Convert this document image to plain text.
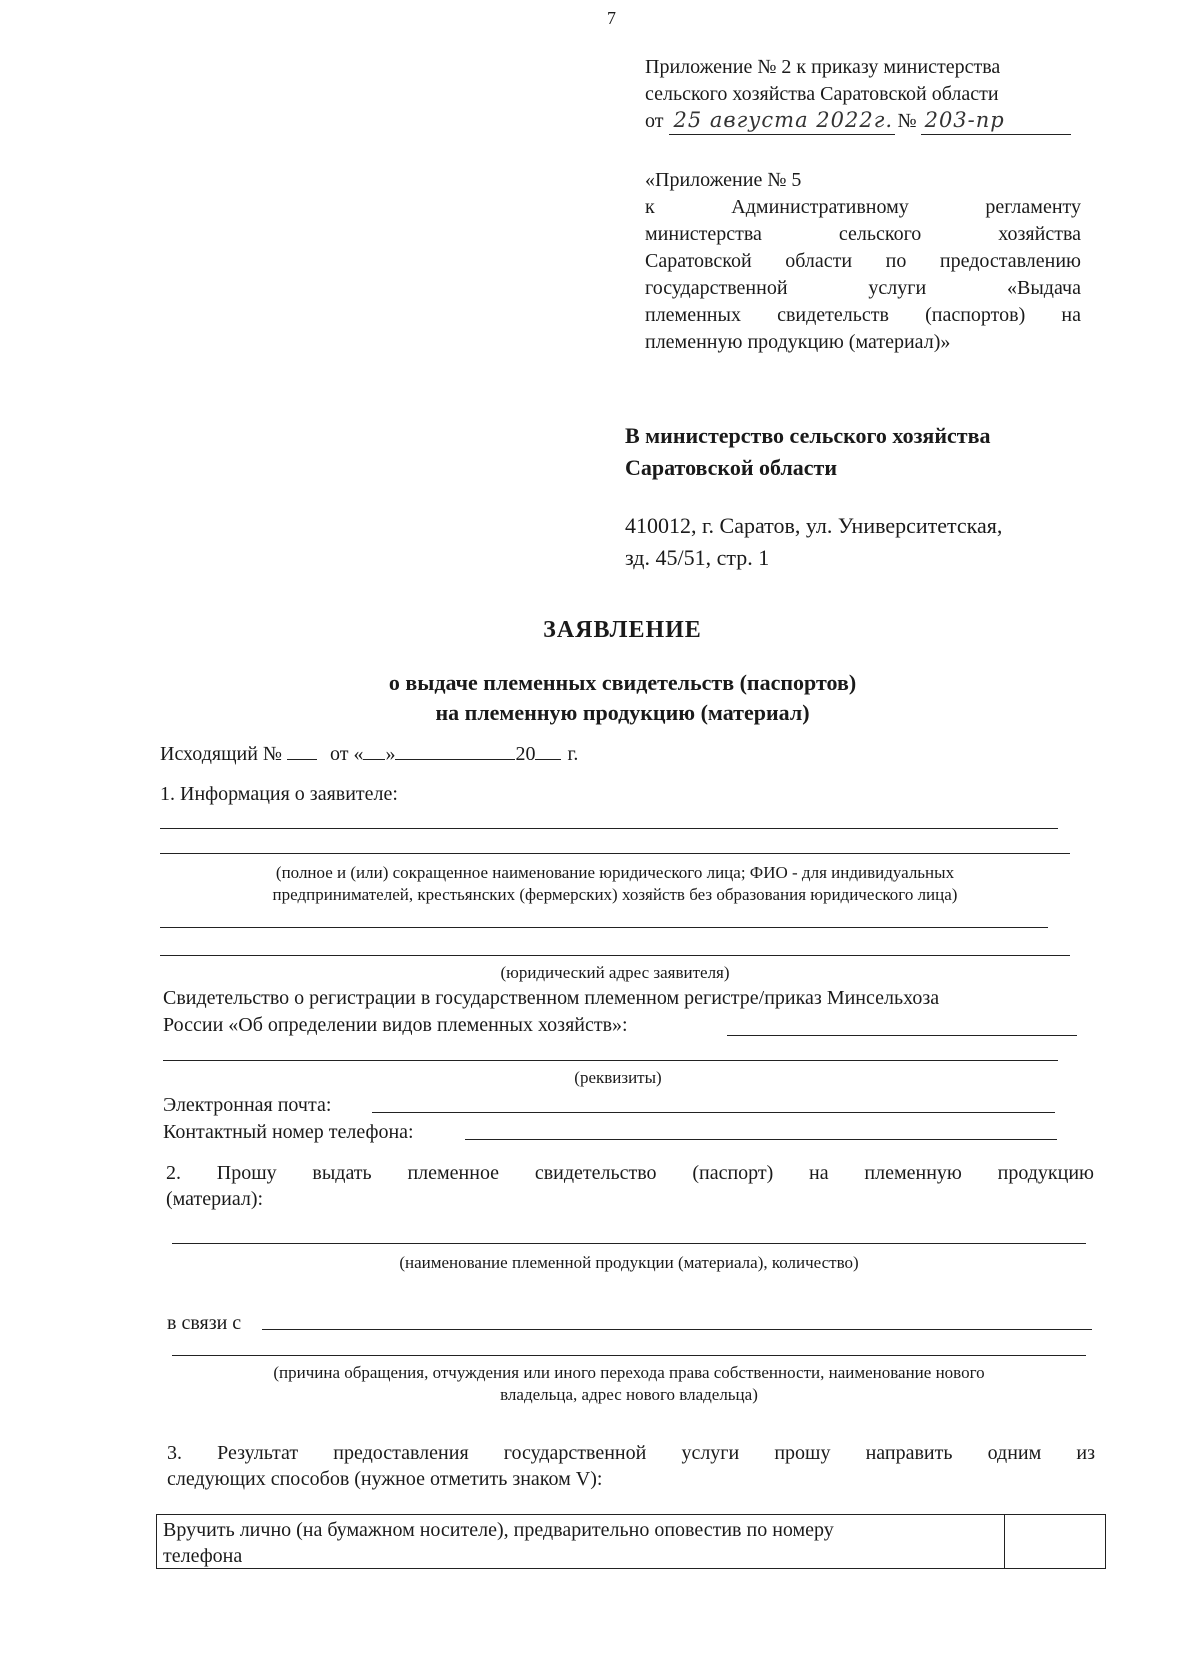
7
Приложение № 2 к приказу министерства
сельского хозяйства Саратовской области
от 25 августа 2022г. № 203-пр
«Приложение № 5
к Административному регламенту
министерства сельского хозяйства
Саратовской области по предоставлению
государственной услуги «Выдача
племенных свидетельств (паспортов) на
племенную продукцию (материал)»
В министерство сельского хозяйства
Саратовской области
410012, г. Саратов, ул. Университетская,
зд. 45/51, стр. 1
ЗАЯВЛЕНИЕ
о выдаче племенных свидетельств (паспортов)
на племенную продукцию (материал)
Исходящий № от « »	20 г.
1. Информация о заявителе:
(полное и (или) сокращенное наименование юридического лица; ФИО - для индивидуальных
предпринимателей, крестьянских (фермерских) хозяйств без образования юридического лица)
(юридический адрес заявителя)
Свидетельство о регистрации в государственном племенном регистре/приказ Минсельхоза
России «Об определении видов племенных хозяйств»:
(реквизиты)
Электронная почта:
Контактный номер телефона:
2. Прошу выдать племенное свидетельство (паспорт) на племенную продукцию
(материал):
(наименование племенной продукции (материала), количество)
в связи с
(причина обращения, отчуждения или иного перехода права собственности, наименование нового
владельца, адрес нового владельца)
3. Результат предоставления государственной услуги прошу направить одним из
следующих способов (нужное отметить знаком V):
Вручить лично (на бумажном носителе), предварительно оповестив по номеру
телефона
